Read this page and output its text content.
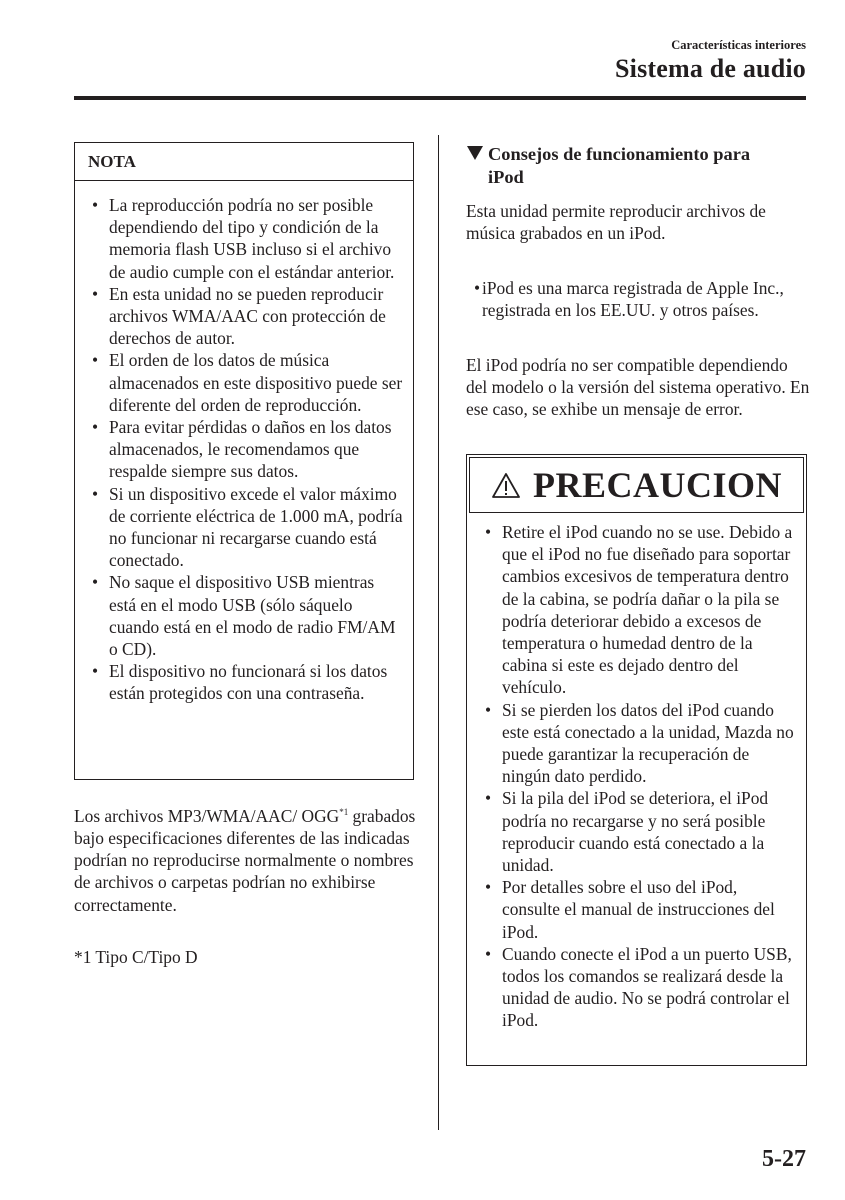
Características interiores
Sistema de audio
NOTA
• La reproducción podría no ser posible dependiendo del tipo y condición de la memoria flash USB incluso si el archivo de audio cumple con el estándar anterior.
• En esta unidad no se pueden reproducir archivos WMA/AAC con protección de derechos de autor.
• El orden de los datos de música almacenados en este dispositivo puede ser diferente del orden de reproducción.
• Para evitar pérdidas o daños en los datos almacenados, le recomendamos que respalde siempre sus datos.
• Si un dispositivo excede el valor máximo de corriente eléctrica de 1.000 mA, podría no funcionar ni recargarse cuando está conectado.
• No saque el dispositivo USB mientras está en el modo USB (sólo sáquelo cuando está en el modo de radio FM/AM o CD).
• El dispositivo no funcionará si los datos están protegidos con una contraseña.
Los archivos MP3/WMA/AAC/ OGG$^{*1}$ grabados bajo especificaciones diferentes de las indicadas podrían no reproducirse normalmente o nombres de archivos o carpetas podrían no exhibirse correctamente.
*1 Tipo C/Tipo D
Consejos de funcionamiento para
iPod
Esta unidad permite reproducir archivos de música grabados en un iPod.
• iPod es una marca registrada de Apple Inc., registrada en los EE.UU. y otros países.
El iPod podría no ser compatible dependiendo del modelo o la versión del sistema operativo. En ese caso, se exhibe un mensaje de error.
PRECAUCION
• Retire el iPod cuando no se use. Debido a que el iPod no fue diseñado para soportar cambios excesivos de temperatura dentro de la cabina, se podría dañar o la pila se podría deteriorar debido a excesos de temperatura o humedad dentro de la cabina si este es dejado dentro del vehículo.
• Si se pierden los datos del iPod cuando este está conectado a la unidad, Mazda no puede garantizar la recuperación de ningún dato perdido.
• Si la pila del iPod se deteriora, el iPod podría no recargarse y no será posible reproducir cuando está conectado a la unidad.
• Por detalles sobre el uso del iPod, consulte el manual de instrucciones del iPod.
• Cuando conecte el iPod a un puerto USB, todos los comandos se realizará desde la unidad de audio. No se podrá controlar el iPod.
5-27
